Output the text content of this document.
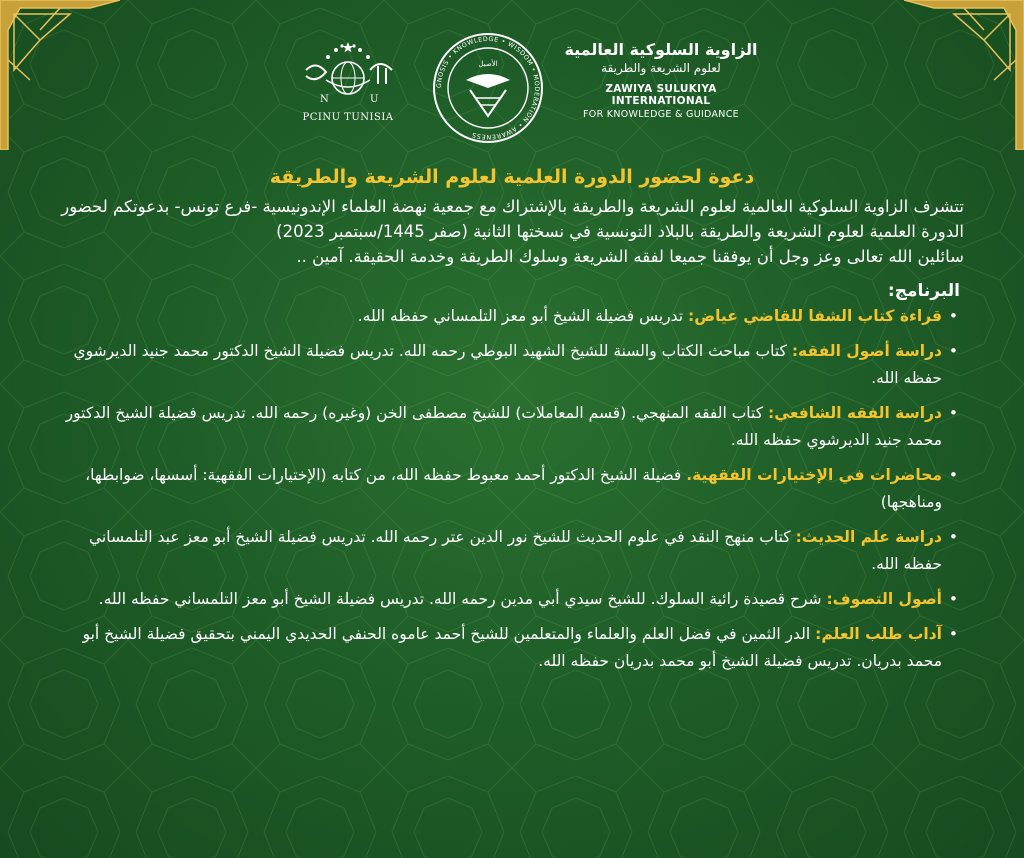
N	U
PCINU TUNISIA
GNOSIS • KNOWLEDGE • WISDOM • MODERATION • AWARENESS
الأصيل
الزاوية السلوكية العالمية
لعلوم الشريعة والطريقة
ZAWIYA SULUKIYA INTERNATIONAL
FOR KNOWLEDGE & GUIDANCE
دعوة لحضور الدورة العلمية لعلوم الشريعة والطريقة

تتشرف الزاوية السلوكية العالمية لعلوم الشريعة والطريقة بالإشتراك مع جمعية نهضة العلماء الإندونيسية -فرع تونس- بدعوتكم لحضور الدورة العلمية لعلوم الشريعة والطريقة بالبلاد التونسية في نسختها الثانية (صفر 1445/سبتمبر 2023)

سائلين الله تعالى وعز وجل أن يوفقنا جميعا لفقه الشريعة وسلوك الطريقة وخدمة الحقيقة. آمين ..

البرنامج:
• قراءة كتاب الشفا للقاضي عياض: تدريس فضيلة الشيخ أبو معز التلمساني حفظه الله.
• دراسة أصول الفقه: كتاب مباحث الكتاب والسنة للشيخ الشهيد البوطي رحمه الله. تدريس فضيلة الشيخ الدكتور محمد جنيد الديرشوي حفظه الله.
• دراسة الفقه الشافعي: كتاب الفقه المنهجي. (قسم المعاملات) للشيخ مصطفى الخن (وغيره) رحمه الله. تدريس فضيلة الشيخ الدكتور محمد جنيد الديرشوي حفظه الله.
• محاضرات في الإختيارات الفقهية. فضيلة الشيخ الدكتور أحمد معبوط حفظه الله، من كتابه (الإختيارات الفقهية: أسسها، ضوابطها، ومناهجها)
• دراسة علم الحديث: كتاب منهج النقد في علوم الحديث للشيخ نور الدين عتر رحمه الله. تدريس فضيلة الشيخ أبو معز عبد التلمساني حفظه الله.
• أصول التصوف: شرح قصيدة رائية السلوك. للشيخ سيدي أبي مدين رحمه الله. تدريس فضيلة الشيخ أبو معز التلمساني حفظه الله.
• آداب طلب العلم: الدر الثمين في فضل العلم والعلماء والمتعلمين للشيخ أحمد عاموه الحنفي الحديدي اليمني بتحقيق فضيلة الشيخ أبو محمد بدريان. تدريس فضيلة الشيخ أبو محمد بدريان حفظه الله.
